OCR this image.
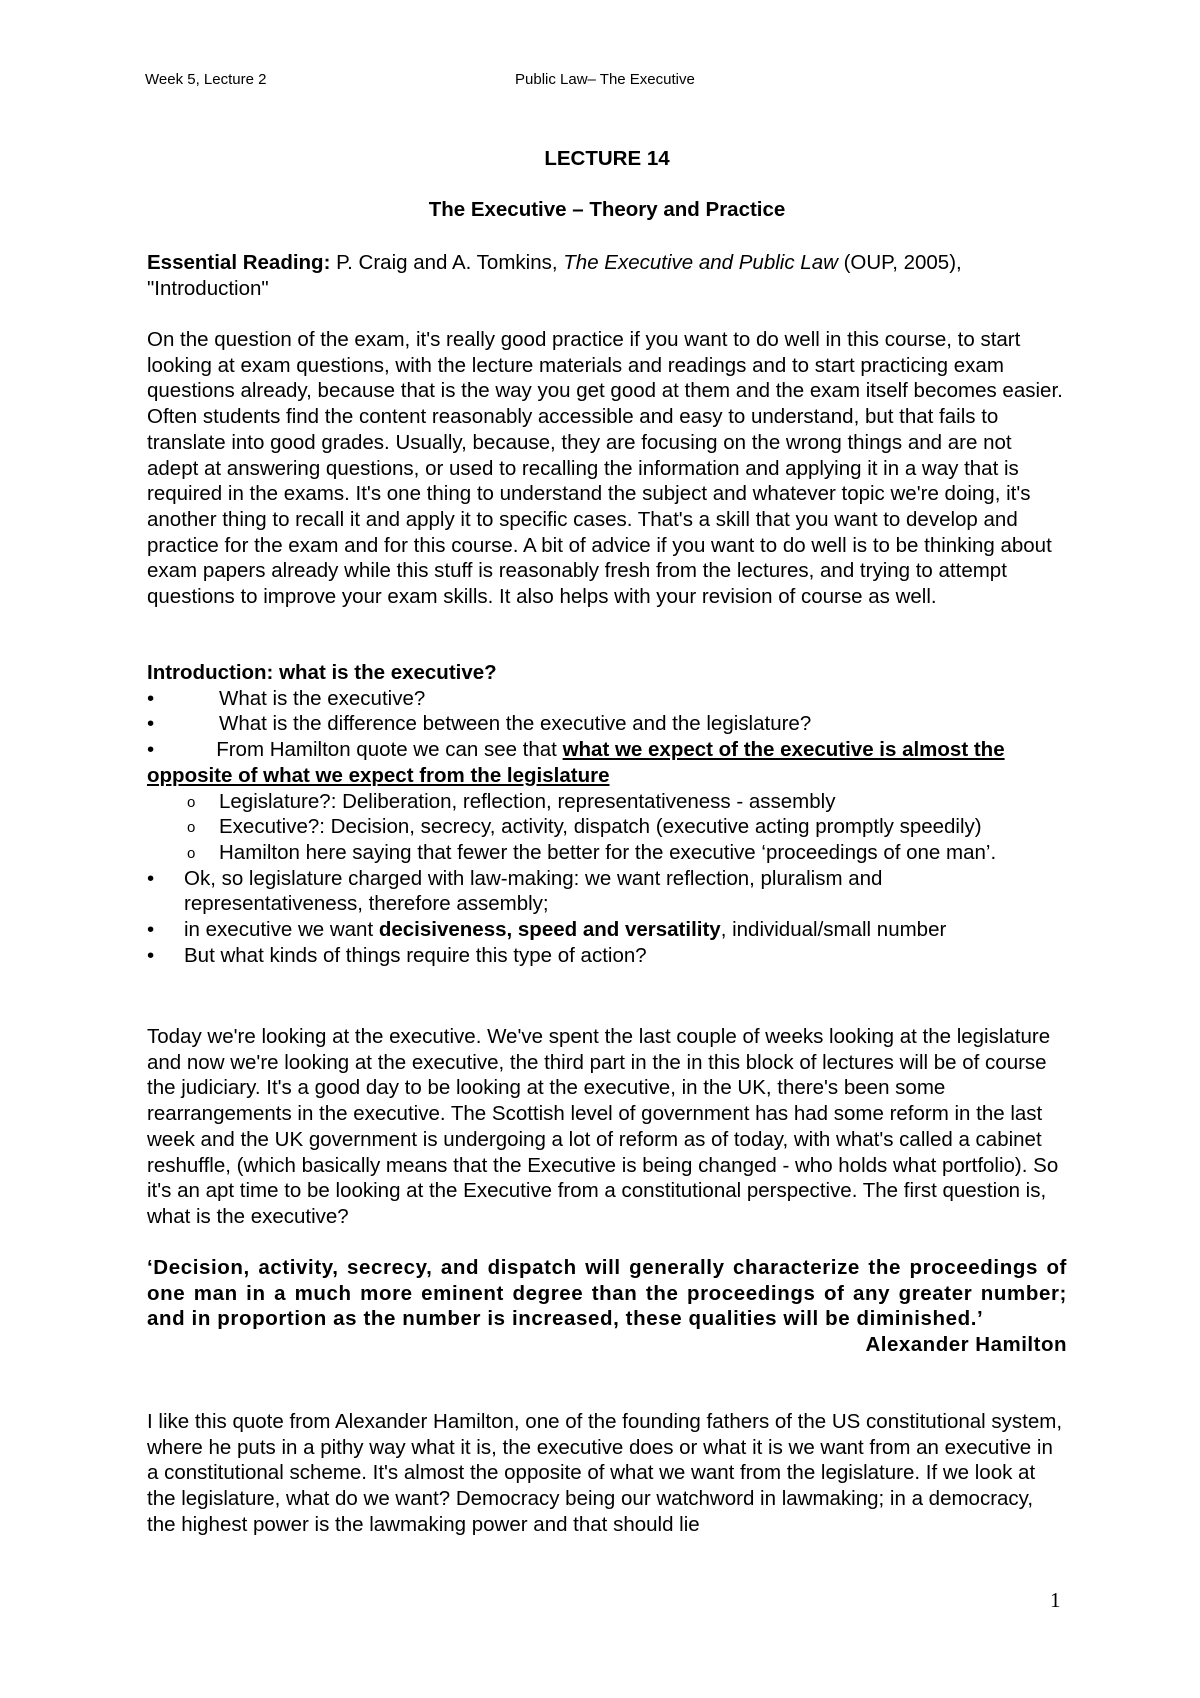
Week 5, Lecture 2	Public Law– The Executive
LECTURE 14
The Executive – Theory and Practice

Essential Reading: P. Craig and A. Tomkins, The Executive and Public Law (OUP, 2005), "Introduction"

On the question of the exam, it's really good practice if you want to do well in this course, to start looking at exam questions, with the lecture materials and readings and to start practicing exam questions already, because that is the way you get good at them and the exam itself becomes easier. Often students find the content reasonably accessible and easy to understand, but that fails to translate into good grades. Usually, because, they are focusing on the wrong things and are not adept at answering questions, or used to recalling the information and applying it in a way that is required in the exams. It's one thing to understand the subject and whatever topic we're doing, it's another thing to recall it and apply it to specific cases. That's a skill that you want to develop and practice for the exam and for this course. A bit of advice if you want to do well is to be thinking about exam papers already while this stuff is reasonably fresh from the lectures, and trying to attempt questions to improve your exam skills. It also helps with your revision of course as well.

Introduction: what is the executive?

•	What is the executive?
•	What is the difference between the executive and the legislature?
•	From Hamilton quote we can see that what we expect of the executive is almost the opposite of what we expect from the legislature
o Legislature?: Deliberation, reflection, representativeness - assembly
o Executive?: Decision, secrecy, activity, dispatch (executive acting promptly speedily)
o Hamilton here saying that fewer the better for the executive ‘proceedings of one man’.
• Ok, so legislature charged with law-making: we want reflection, pluralism and representativeness, therefore assembly;
• in executive we want decisiveness, speed and versatility, individual/small number
• But what kinds of things require this type of action?

Today we're looking at the executive. We've spent the last couple of weeks looking at the legislature and now we're looking at the executive, the third part in the in this block of lectures will be of course the judiciary. It's a good day to be looking at the executive, in the UK, there's been some rearrangements in the executive. The Scottish level of government has had some reform in the last week and the UK government is undergoing a lot of reform as of today, with what's called a cabinet reshuffle, (which basically means that the Executive is being changed - who holds what portfolio). So it's an apt time to be looking at the Executive from a constitutional perspective. The first question is, what is the executive?

‘Decision, activity, secrecy, and dispatch will generally characterize the proceedings of one man in a much more eminent degree than the proceedings of any greater number; and in proportion as the number is increased, these qualities will be diminished.’

Alexander Hamilton

I like this quote from Alexander Hamilton, one of the founding fathers of the US constitutional system, where he puts in a pithy way what it is, the executive does or what it is we want from an executive in a constitutional scheme. It's almost the opposite of what we want from the legislature. If we look at the legislature, what do we want? Democracy being our watchword in lawmaking; in a democracy, the highest power is the lawmaking power and that should lie

1
